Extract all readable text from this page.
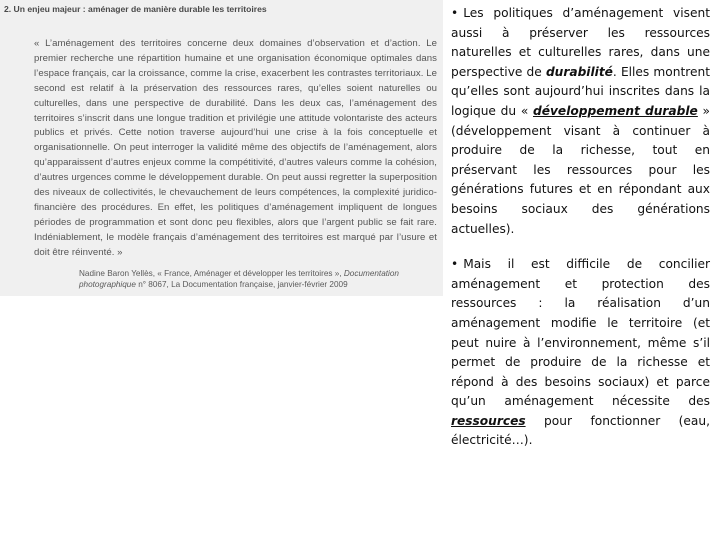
2. Un enjeu majeur : aménager de manière durable les territoires
« L’aménagement des territoires concerne deux domaines d’observation et d’action. Le premier recherche une répartition humaine et une organisation économique optimales dans l’espace français, car la croissance, comme la crise, exacerbent les contrastes territoriaux. Le second est relatif à la préservation des ressources rares, qu’elles soient naturelles ou culturelles, dans une perspective de durabilité. Dans les deux cas, l’aménagement des territoires s’inscrit dans une longue tradition et privilégie une attitude volontariste des acteurs publics et privés. Cette notion traverse aujourd’hui une crise à la fois conceptuelle et organisationnelle. On peut interroger la validité même des objectifs de l’aménagement, alors qu’apparaissent d’autres enjeux comme la compétitivité, d’autres valeurs comme la cohésion, d’autres urgences comme le développement durable. On peut aussi regretter la superposition des niveaux de collectivités, le chevauchement de leurs compétences, la complexité juridico-financière des procédures. En effet, les politiques d’aménagement impliquent de longues périodes de programmation et sont donc peu flexibles, alors que l’argent public se fait rare. Indéniablement, le modèle français d’aménagement des territoires est marqué par l’usure et doit être réinventé. »
Nadine Baron Yellès, « France, Aménager et développer les territoires », Documentation photographique n° 8067, La Documentation française, janvier-février 2009

• Les politiques d’aménagement visent aussi à préserver les ressources naturelles et culturelles rares, dans une perspective de durabilité. Elles montrent qu’elles sont aujourd’hui inscrites dans la logique du « développement durable » (développement visant à continuer à produire de la richesse, tout en préservant les ressources pour les générations futures et en répondant aux besoins sociaux des générations actuelles).

• Mais il est difficile de concilier aménagement et protection des ressources : la réalisation d’un aménagement modifie le territoire (et peut nuire à l’environnement, même s’il permet de produire de la richesse et répond à des besoins sociaux) et parce qu’un aménagement nécessite des ressources pour fonctionner (eau, électricité…).
